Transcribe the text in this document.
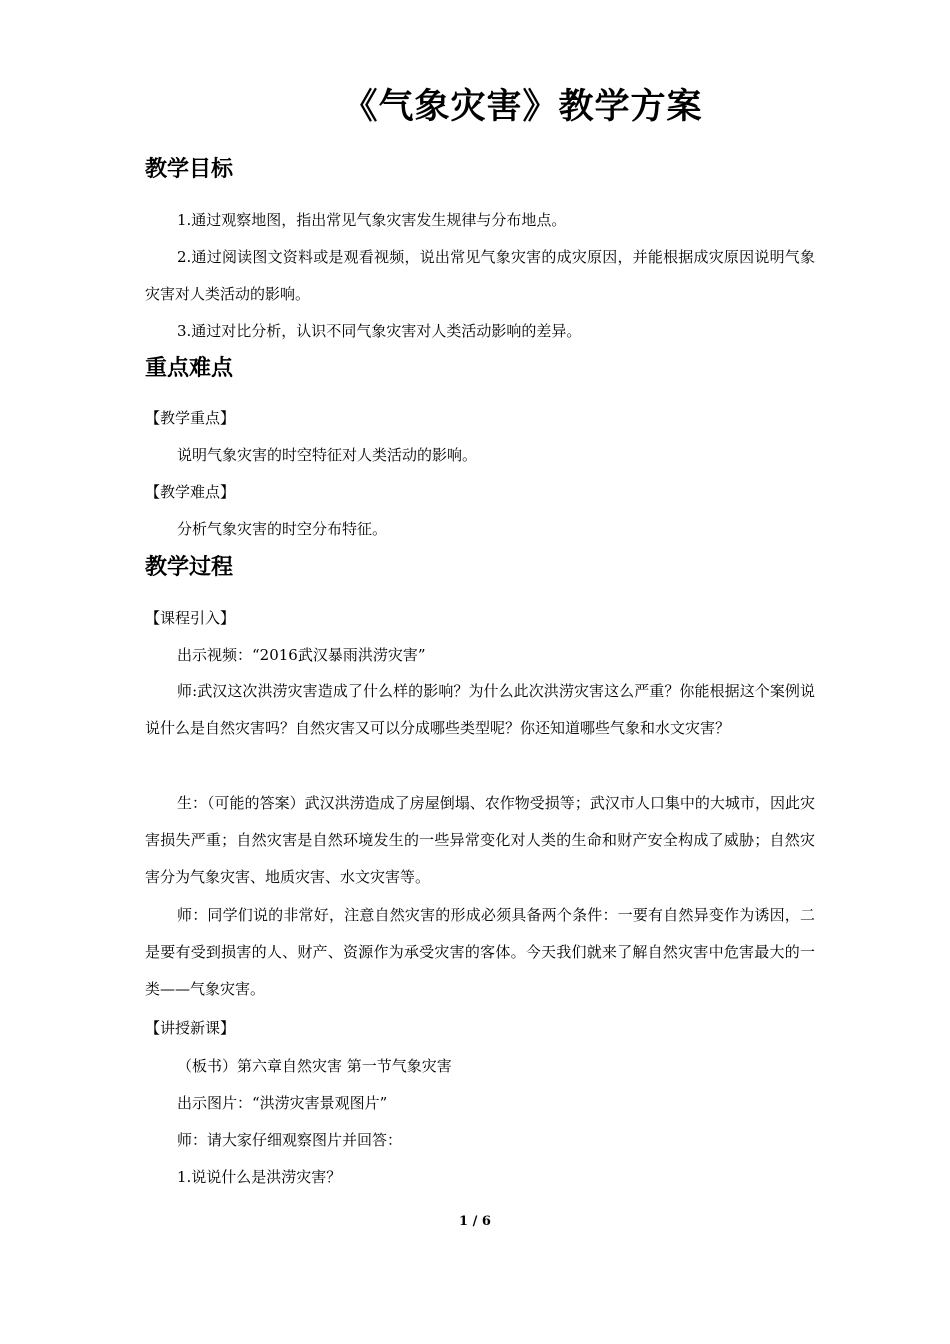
《气象灾害》教学方案
教学目标
1.通过观察地图，指出常见气象灾害发生规律与分布地点。
2.通过阅读图文资料或是观看视频，说出常见气象灾害的成灾原因，并能根据成灾原因说明气象灾害对人类活动的影响。
3.通过对比分析，认识不同气象灾害对人类活动影响的差异。
重点难点
【教学重点】
说明气象灾害的时空特征对人类活动的影响。
【教学难点】
分析气象灾害的时空分布特征。
教学过程
【课程引入】
出示视频：“2016武汉暴雨洪涝灾害”
师:武汉这次洪涝灾害造成了什么样的影响？为什么此次洪涝灾害这么严重？你能根据这个案例说说什么是自然灾害吗？自然灾害又可以分成哪些类型呢？你还知道哪些气象和水文灾害？
生：（可能的答案）武汉洪涝造成了房屋倒塌、农作物受损等；武汉市人口集中的大城市，因此灾害损失严重；自然灾害是自然环境发生的一些异常变化对人类的生命和财产安全构成了威胁；自然灾害分为气象灾害、地质灾害、水文灾害等。
师：同学们说的非常好，注意自然灾害的形成必须具备两个条件：一要有自然异变作为诱因，二是要有受到损害的人、财产、资源作为承受灾害的客体。今天我们就来了解自然灾害中危害最大的一类——气象灾害。
【讲授新课】
（板书）第六章自然灾害 第一节气象灾害
出示图片：“洪涝灾害景观图片”
师：请大家仔细观察图片并回答：
1.说说什么是洪涝灾害？
1 / 6
